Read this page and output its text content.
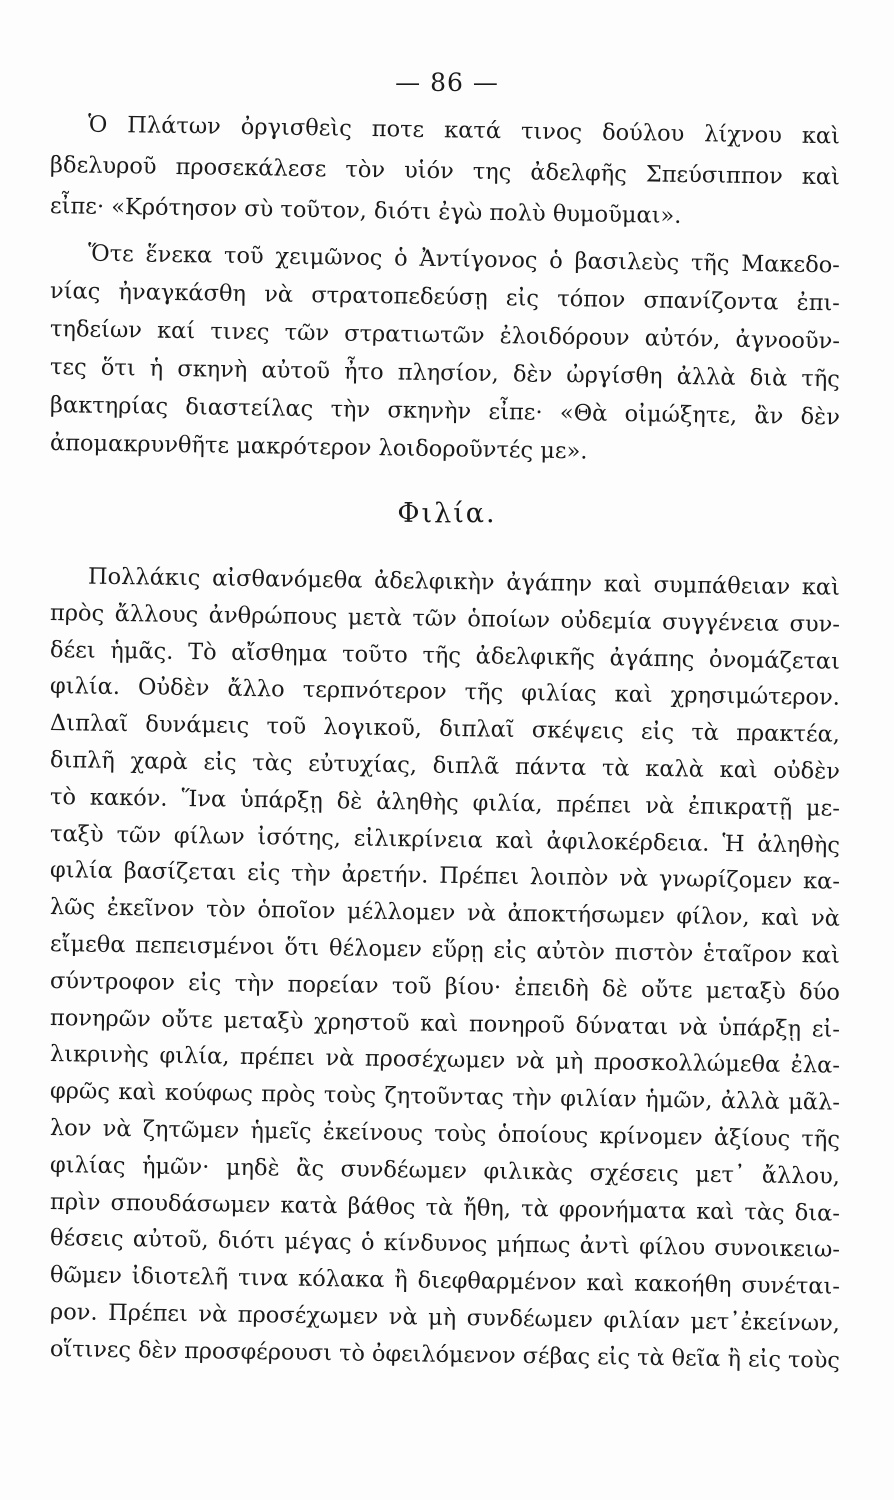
— 86 —
Ὁ Πλάτων ὀργισθεὶς ποτε κατά τινος δούλου λίχνου καὶ
βδελυροῦ προσεκάλεσε τὸν υἱόν της ἀδελφῆς Σπεύσιππον καὶ
εἶπε· «Κρότησον σὺ τοῦτον, διότι ἐγὼ πολὺ θυμοῦμαι».
Ὅτε ἕνεκα τοῦ χειμῶνος ὁ Ἀντίγονος ὁ βασιλεὺς τῆς Μακεδο-
νίας ἠναγκάσθη νὰ στρατοπεδεύσῃ εἰς τόπον σπανίζοντα ἐπι-
τηδείων καί τινες τῶν στρατιωτῶν ἐλοιδόρουν αὐτόν, ἀγνοοῦν-
τες ὅτι ἡ σκηνὴ αὐτοῦ ἦτο πλησίον, δὲν ὠργίσθη ἀλλὰ διὰ τῆς
βακτηρίας διαστείλας τὴν σκηνὴν εἶπε· «Θὰ οἰμώξητε, ἂν δὲν
ἀπομακρυνθῆτε μακρότερον λοιδοροῦντές με».
Φιλία.
Πολλάκις αἰσθανόμεθα ἀδελφικὴν ἀγάπην καὶ συμπάθειαν καὶ
πρὸς ἄλλους ἀνθρώπους μετὰ τῶν ὁποίων οὐδεμία συγγένεια συν-
δέει ἡμᾶς. Τὸ αἴσθημα τοῦτο τῆς ἀδελφικῆς ἀγάπης ὀνομάζεται
φιλία. Οὐδὲν ἄλλο τερπνότερον τῆς φιλίας καὶ χρησιμώτερον.
Διπλαῖ δυνάμεις τοῦ λογικοῦ, διπλαῖ σκέψεις εἰς τὰ πρακτέα,
διπλῆ χαρὰ εἰς τὰς εὐτυχίας, διπλᾶ πάντα τὰ καλὰ καὶ οὐδὲν
τὸ κακόν. Ἵνα ὑπάρξῃ δὲ ἀληθὴς φιλία, πρέπει νὰ ἐπικρατῇ με-
ταξὺ τῶν φίλων ἰσότης, εἰλικρίνεια καὶ ἀφιλοκέρδεια. Ἡ ἀληθὴς
φιλία βασίζεται εἰς τὴν ἀρετήν. Πρέπει λοιπὸν νὰ γνωρίζομεν κα-
λῶς ἐκεῖνον τὸν ὁποῖον μέλλομεν νὰ ἀποκτήσωμεν φίλον, καὶ νὰ
εἴμεθα πεπεισμένοι ὅτι θέλομεν εὕρῃ εἰς αὐτὸν πιστὸν ἑταῖρον καὶ
σύντροφον εἰς τὴν πορείαν τοῦ βίου· ἐπειδὴ δὲ οὔτε μεταξὺ δύο
πονηρῶν οὔτε μεταξὺ χρηστοῦ καὶ πονηροῦ δύναται νὰ ὑπάρξῃ εἰ-
λικρινὴς φιλία, πρέπει νὰ προσέχωμεν νὰ μὴ προσκολλώμεθα ἐλα-
φρῶς καὶ κούφως πρὸς τοὺς ζητοῦντας τὴν φιλίαν ἡμῶν, ἀλλὰ μᾶλ-
λον νὰ ζητῶμεν ἡμεῖς ἐκείνους τοὺς ὁποίους κρίνομεν ἀξίους τῆς
φιλίας ἡμῶν· μηδὲ ἂς συνδέωμεν φιλικὰς σχέσεις μετ᾽ ἄλλου,
πρὶν σπουδάσωμεν κατὰ βάθος τὰ ἤθη, τὰ φρονήματα καὶ τὰς δια-
θέσεις αὐτοῦ, διότι μέγας ὁ κίνδυνος μήπως ἀντὶ φίλου συνοικειω-
θῶμεν ἰδιοτελῆ τινα κόλακα ἢ διεφθαρμένον καὶ κακοήθη συνέται-
ρον. Πρέπει νὰ προσέχωμεν νὰ μὴ συνδέωμεν φιλίαν μετ᾽ἐκείνων,
οἵτινες δὲν προσφέρουσι τὸ ὀφειλόμενον σέβας εἰς τὰ θεῖα ἢ εἰς τοὺς
